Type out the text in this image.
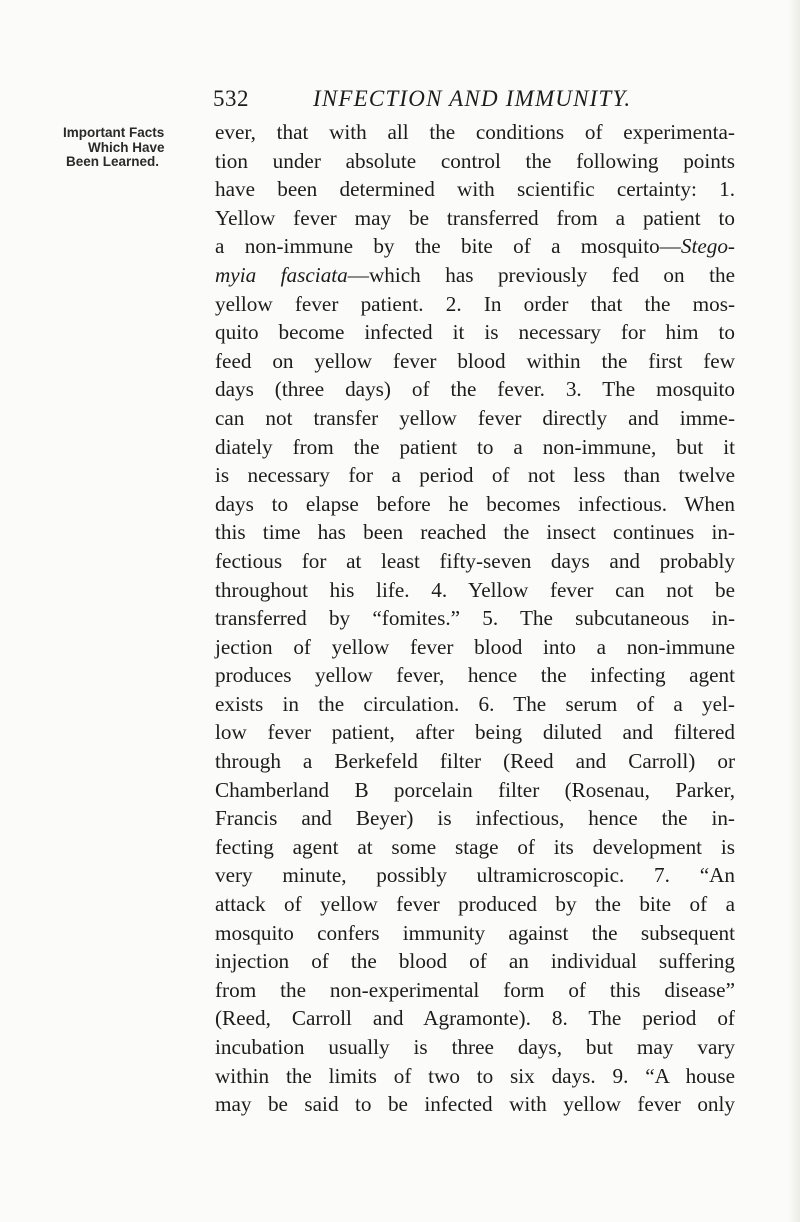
532	INFECTION AND IMMUNITY.
Important Facts
Which Have
Been Learned.
ever, that with all the conditions of experimenta-
tion under absolute control the following points
have been determined with scientific certainty: 1.
Yellow fever may be transferred from a patient to
a non-immune by the bite of a mosquito—Stego-
myia fasciata—which has previously fed on the
yellow fever patient. 2. In order that the mos-
quito become infected it is necessary for him to
feed on yellow fever blood within the first few
days (three days) of the fever. 3. The mosquito
can not transfer yellow fever directly and imme-
diately from the patient to a non-immune, but it
is necessary for a period of not less than twelve
days to elapse before he becomes infectious. When
this time has been reached the insect continues in-
fectious for at least fifty-seven days and probably
throughout his life. 4. Yellow fever can not be
transferred by “fomites.” 5. The subcutaneous in-
jection of yellow fever blood into a non-immune
produces yellow fever, hence the infecting agent
exists in the circulation. 6. The serum of a yel-
low fever patient, after being diluted and filtered
through a Berkefeld filter (Reed and Carroll) or
Chamberland B porcelain filter (Rosenau, Parker,
Francis and Beyer) is infectious, hence the in-
fecting agent at some stage of its development is
very minute, possibly ultramicroscopic. 7. “An
attack of yellow fever produced by the bite of a
mosquito confers immunity against the subsequent
injection of the blood of an individual suffering
from the non-experimental form of this disease”
(Reed, Carroll and Agramonte). 8. The period of
incubation usually is three days, but may vary
within the limits of two to six days. 9. “A house
may be said to be infected with yellow fever only
